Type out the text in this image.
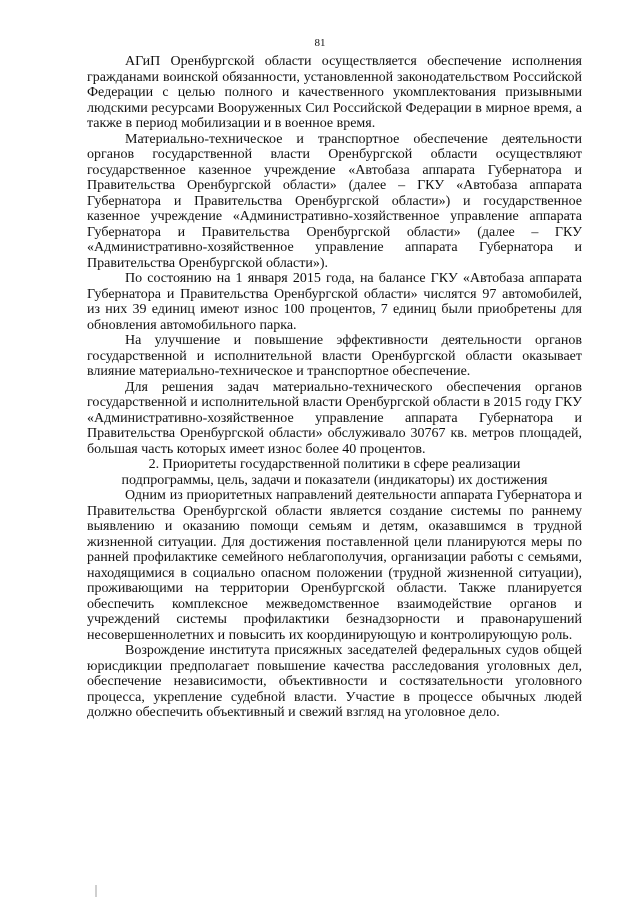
81

АГиП Оренбургской области осуществляется обеспечение исполнения гражданами воинской обязанности, установленной законодательством Российской Федерации с целью полного и качественного укомплектования призывными людскими ресурсами Вооруженных Сил Российской Федерации в мирное время, а также в период мобилизации и в военное время.

Материально-техническое и транспортное обеспечение деятельности органов государственной власти Оренбургской области осуществляют государственное казенное учреждение «Автобаза аппарата Губернатора и Правительства Оренбургской области» (далее – ГКУ «Автобаза аппарата Губернатора и Правительства Оренбургской области») и государственное казенное учреждение «Административно-хозяйственное управление аппарата Губернатора и Правительства Оренбургской области» (далее – ГКУ «Административно-хозяйственное управление аппарата Губернатора и Правительства Оренбургской области»).

По состоянию на 1 января 2015 года, на балансе ГКУ «Автобаза аппарата Губернатора и Правительства Оренбургской области» числятся 97 автомобилей, из них 39 единиц имеют износ 100 процентов, 7 единиц были приобретены для обновления автомобильного парка.

На улучшение и повышение эффективности деятельности органов государственной и исполнительной власти Оренбургской области оказывает влияние материально-техническое и транспортное обеспечение.

Для решения задач материально-технического обеспечения органов государственной и исполнительной власти Оренбургской области в 2015 году ГКУ «Административно-хозяйственное управление аппарата Губернатора и Правительства Оренбургской области» обслуживало 30767 кв. метров площадей, большая часть которых имеет износ более 40 процентов.

2. Приоритеты государственной политики в сфере реализации
подпрограммы, цель, задачи и показатели (индикаторы) их достижения

Одним из приоритетных направлений деятельности аппарата Губернатора и Правительства Оренбургской области является создание системы по раннему выявлению и оказанию помощи семьям и детям, оказавшимся в трудной жизненной ситуации. Для достижения поставленной цели планируются меры по ранней профилактике семейного неблагополучия, организации работы с семьями, находящимися в социально опасном положении (трудной жизненной ситуации), проживающими на территории Оренбургской области. Также планируется обеспечить комплексное межведомственное взаимодействие органов и учреждений системы профилактики безнадзорности и правонарушений несовершеннолетних и повысить их координирующую и контролирующую роль.

Возрождение института присяжных заседателей федеральных судов общей юрисдикции предполагает повышение качества расследования уголовных дел, обеспечение независимости, объективности и состязательности уголовного процесса, укрепление судебной власти. Участие в процессе обычных людей должно обеспечить объективный и свежий взгляд на уголовное дело.
